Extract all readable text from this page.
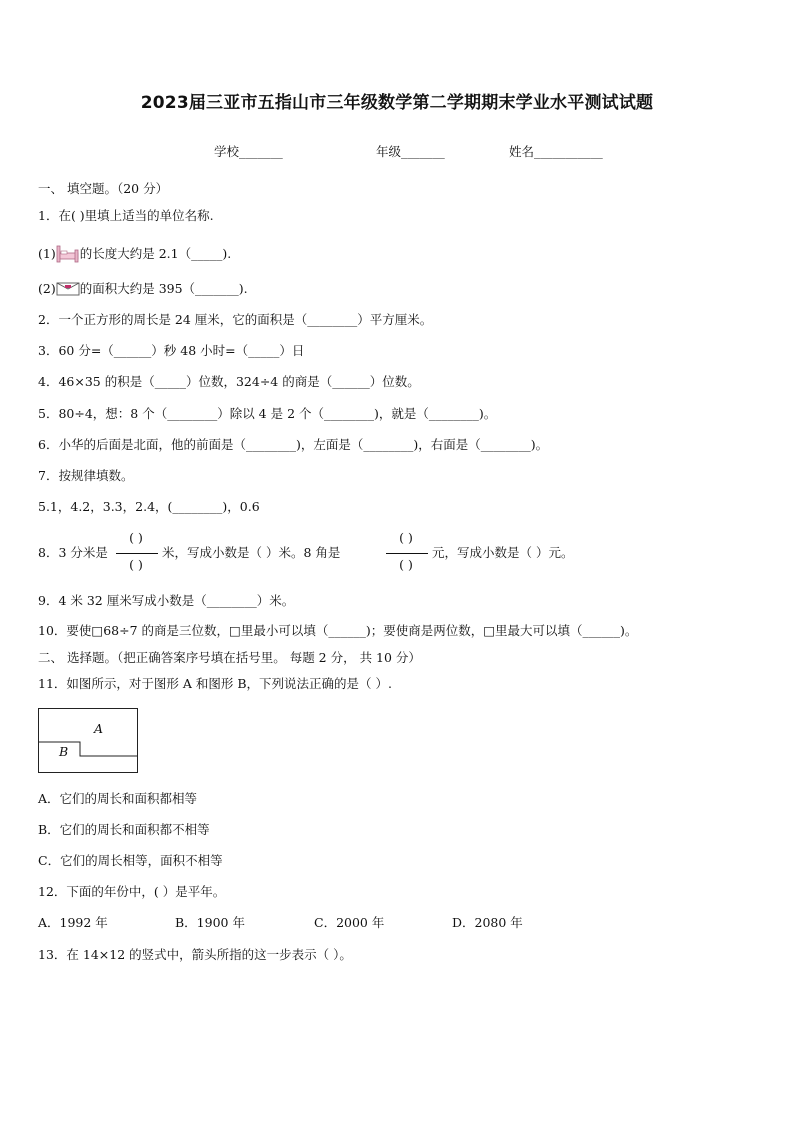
2023届三亚市五指山市三年级数学第二学期期末学业水平测试试题
学校_______	年级_______	姓名___________
一、 填空题。（20 分）
1．在( )里填上适当的单位名称.
(1) 的长度大约是 2.1（_____).
(2) 的面积大约是 395（_______).
2．一个正方形的周长是 24 厘米，它的面积是（________）平方厘米。
3．60 分=（______）秒 48 小时=（_____）日
4．46×35 的积是（_____）位数，324÷4 的商是（______）位数。
5．80÷4，想：8 个（________）除以 4 是 2 个（________)，就是（________)。
6．小华的后面是北面，他的前面是（________)，左面是（________)，右面是（________)。
7．按规律填数。
5.1，4.2，3.3，2.4，(________)，0.6
8．3 分米是
( )
( )
米，写成小数是（ ）米。8 角是
( )
( )
元，写成小数是（ ）元。
9．4 米 32 厘米写成小数是（________）米。
10．要使□68÷7 的商是三位数，□里最小可以填（______)；要使商是两位数，□里最大可以填（______)。
二、 选择题。（把正确答案序号填在括号里。 每题 2 分， 共 10 分）
11．如图所示，对于图形 A 和图形 B，下列说法正确的是（ ）.
A
B
A．它们的周长和面积都相等
B．它们的周长和面积都不相等
C．它们的周长相等，面积不相等
12．下面的年份中，( ）是平年。
A．1992 年	B．1900 年	C．2000 年	D．2080 年
13．在 14×12 的竖式中，箭头所指的这一步表示（ ）。
